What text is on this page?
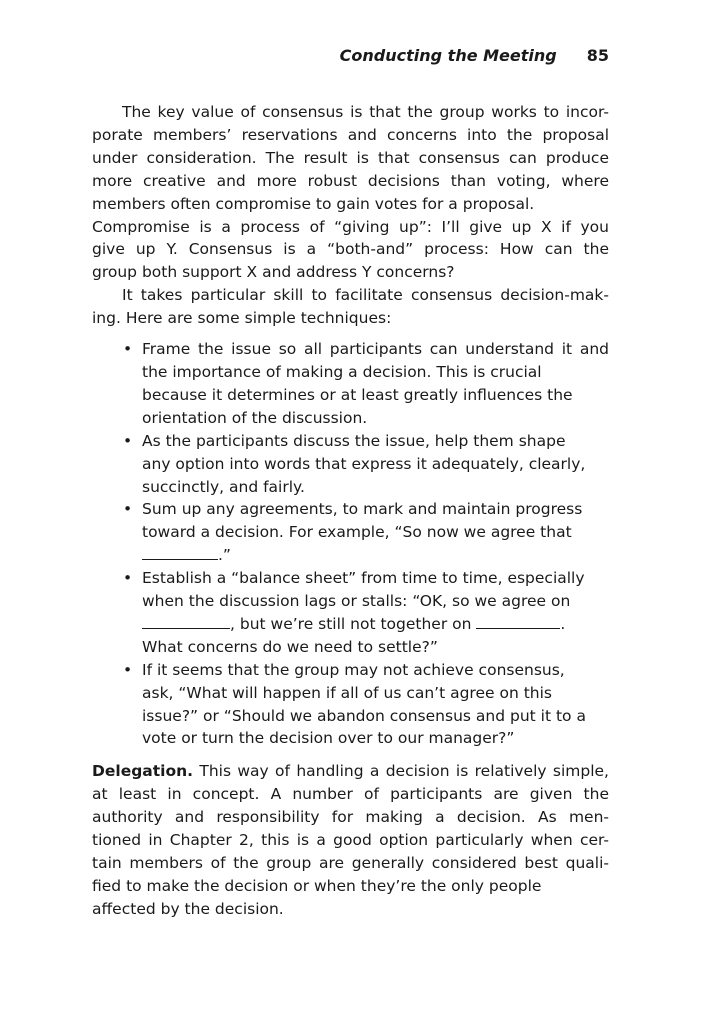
Conducting the Meeting 85

The key value of consensus is that the group works to incor-
porate members’ reservations and concerns into the proposal
under consideration. The result is that consensus can produce
more creative and more robust decisions than voting, where
members often compromise to gain votes for a proposal.
Compromise is a process of “giving up”: I’ll give up X if you
give up Y. Consensus is a “both-and” process: How can the
group both support X and address Y concerns?

It takes particular skill to facilitate consensus decision-mak-
ing. Here are some simple techniques:

• Frame the issue so all participants can understand it and
the importance of making a decision. This is crucial
because it determines or at least greatly influences the
orientation of the discussion.
• As the participants discuss the issue, help them shape
any option into words that express it adequately, clearly,
succinctly, and fairly.
• Sum up any agreements, to mark and maintain progress
toward a decision. For example, “So now we agree that
.”
• Establish a “balance sheet” from time to time, especially
when the discussion lags or stalls: “OK, so we agree on
, but we’re still not together on	.
What concerns do we need to settle?”
• If it seems that the group may not achieve consensus,
ask, “What will happen if all of us can’t agree on this
issue?” or “Should we abandon consensus and put it to a
vote or turn the decision over to our manager?”

Delegation. This way of handling a decision is relatively simple,
at least in concept. A number of participants are given the
authority and responsibility for making a decision. As men-
tioned in Chapter 2, this is a good option particularly when cer-
tain members of the group are generally considered best quali-
fied to make the decision or when they’re the only people
affected by the decision.
